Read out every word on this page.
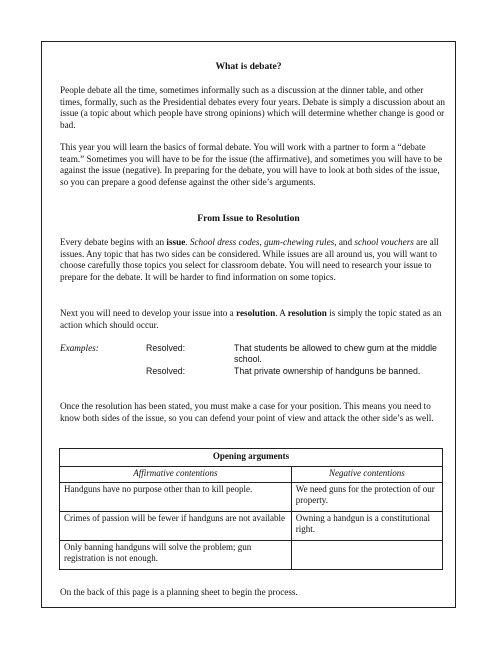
What is debate?

People debate all the time, sometimes informally such as a discussion at the dinner table, and other times, formally, such as the Presidential debates every four years. Debate is simply a discussion about an issue (a topic about which people have strong opinions) which will determine whether change is good or bad.

This year you will learn the basics of formal debate. You will work with a partner to form a “debate team.” Sometimes you will have to be for the issue (the affirmative), and sometimes you will have to be against the issue (negative). In preparing for the debate, you will have to look at both sides of the issue, so you can prepare a good defense against the other side’s arguments.

From Issue to Resolution

Every debate begins with an issue. School dress codes, gum-chewing rules, and school vouchers are all issues. Any topic that has two sides can be considered. While issues are all around us, you will want to choose carefully those topics you select for classroom debate. You will need to research your issue to prepare for the debate. It will be harder to find information on some topics.

Next you will need to develop your issue into a resolution. A resolution is simply the topic stated as an action which should occur.

Examples:	Resolved:	That students be allowed to chew gum at the middle school.
Resolved:	That private ownership of handguns be banned.

Once the resolution has been stated, you must make a case for your position. This means you need to know both sides of the issue, so you can defend your point of view and attack the other side’s as well.

Opening arguments	
Affirmative contentions	Negative contentions
Handguns have no purpose other than to kill people.	We need guns for the protection of our property.
Crimes of passion will be fewer if handguns are not available	Owning a handgun is a constitutional right.
Only banning handguns will solve the problem; gun registration is not enough.	

On the back of this page is a planning sheet to begin the process.
